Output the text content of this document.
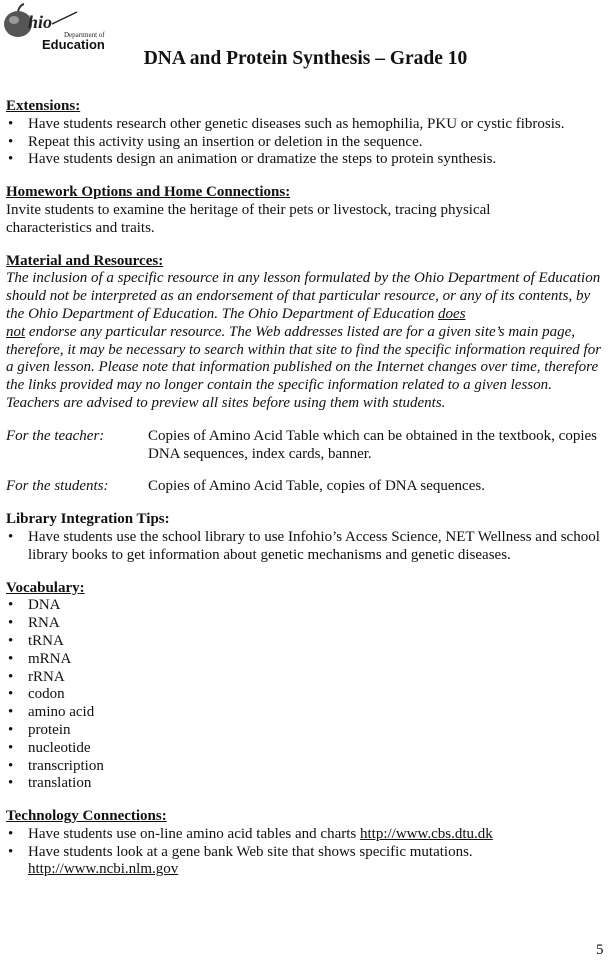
hio
Department of
Education
DNA and Protein Synthesis – Grade 10
Extensions:
• Have students research other genetic diseases such as hemophilia, PKU or cystic fibrosis.
• Repeat this activity using an insertion or deletion in the sequence.
• Have students design an animation or dramatize the steps to protein synthesis.
Homework Options and Home Connections:

Invite students to examine the heritage of their pets or livestock, tracing physical characteristics and traits.

Material and Resources:

The inclusion of a specific resource in any lesson formulated by the Ohio Department of Education should not be interpreted as an endorsement of that particular resource, or any of its contents, by the Ohio Department of Education. The Ohio Department of Education does
not endorse any particular resource. The Web addresses listed are for a given site’s main page, therefore, it may be necessary to search within that site to find the specific information required for a given lesson. Please note that information published on the Internet changes over time, therefore the links provided may no longer contain the specific information related to a given lesson. Teachers are advised to preview all sites before using them with students.

For the teacher:	Copies of Amino Acid Table which can be obtained in the textbook, copies DNA sequences, index cards, banner.
For the students:	Copies of Amino Acid Table, copies of DNA sequences.
Library Integration Tips:
• Have students use the school library to use Infohio’s Access Science, NET Wellness and school library books to get information about genetic mechanisms and genetic diseases.
Vocabulary:
• DNA
• RNA
• tRNA
• mRNA
• rRNA
• codon
• amino acid
• protein
• nucleotide
• transcription
• translation
Technology Connections:
• Have students use on-line amino acid tables and charts http://www.cbs.dtu.dk
• Have students look at a gene bank Web site that shows specific mutations.
http://www.ncbi.nlm.gov
5
